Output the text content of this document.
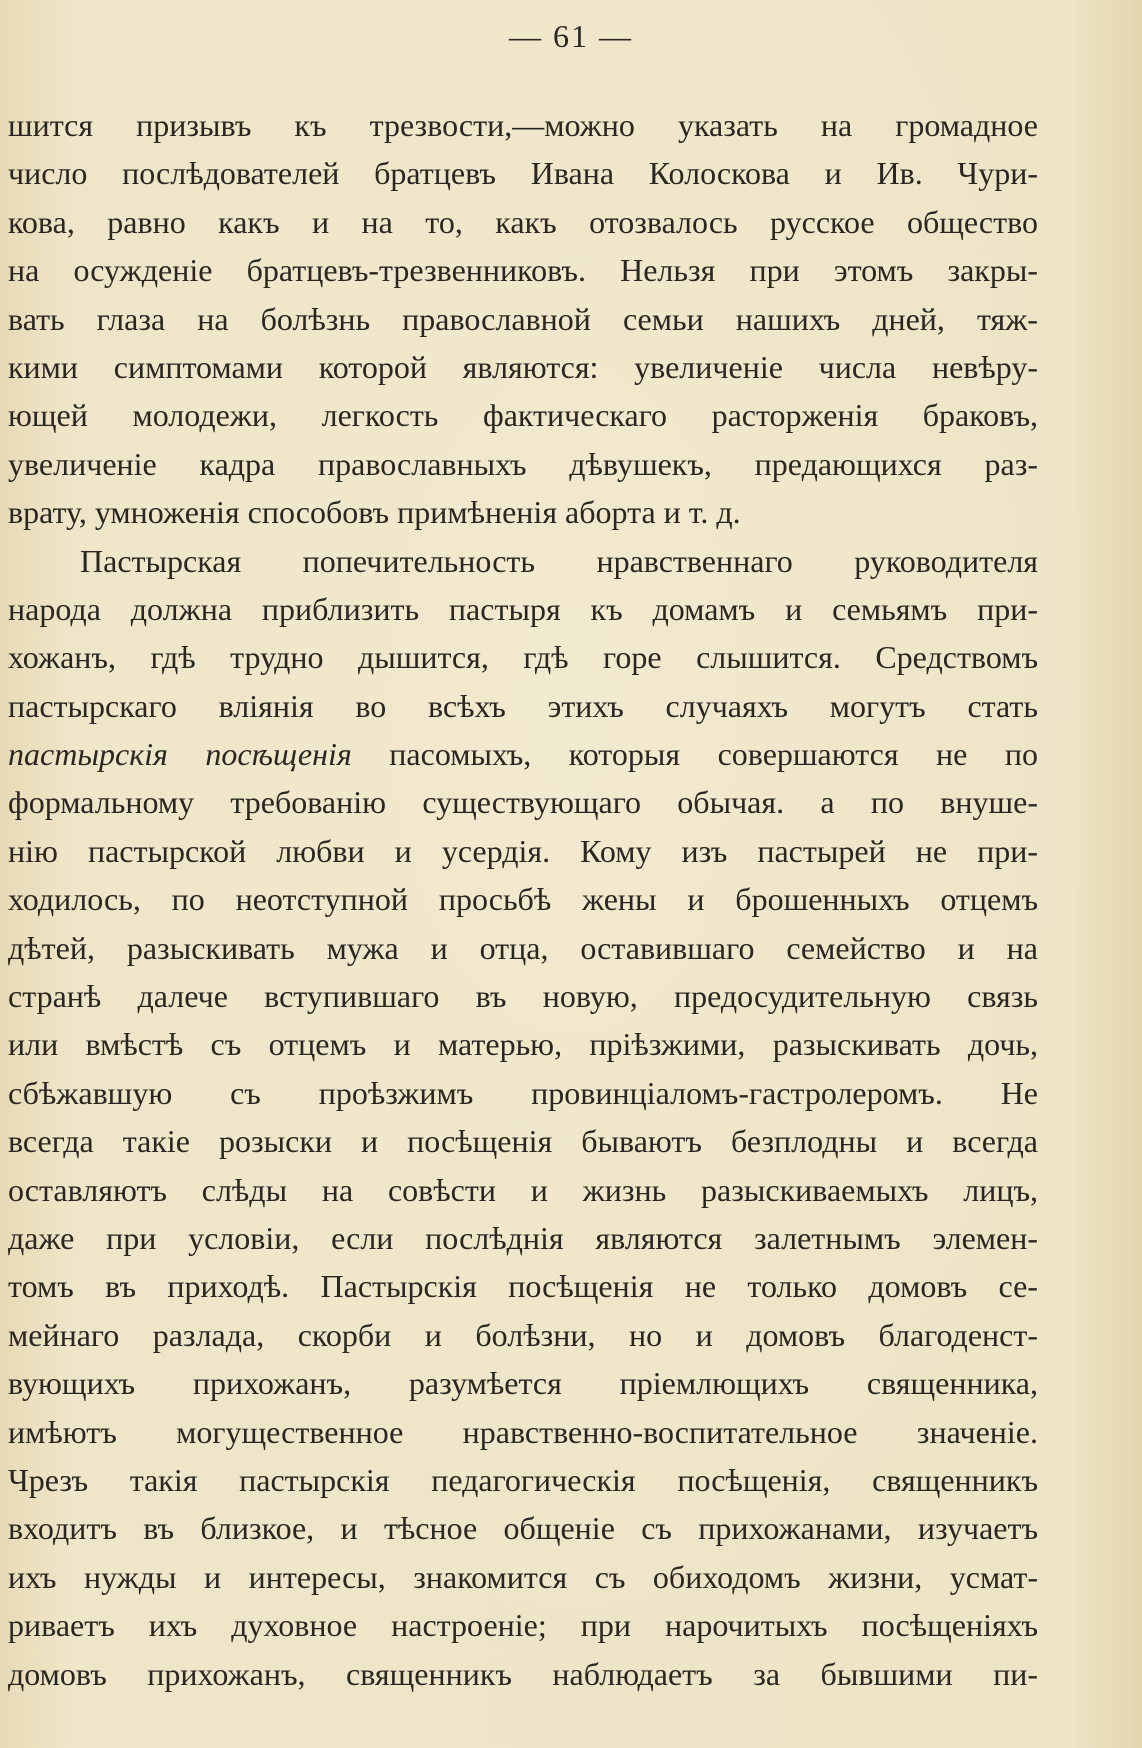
— 61 —
шится призывъ къ трезвости,—можно указать на громадное
число послѣдователей братцевъ Ивана Колоскова и Ив. Чури-
кова, равно какъ и на то, какъ отозвалось русское общество
на осужденіе братцевъ-трезвенниковъ. Нельзя при этомъ закры-
вать глаза на болѣзнь православной семьи нашихъ дней, тяж-
кими симптомами которой являются: увеличеніе числа невѣру-
ющей молодежи, легкость фактическаго расторженія браковъ,
увеличеніе кадра православныхъ дѣвушекъ, предающихся раз-
врату, умноженія способовъ примѣненія аборта и т. д.
Пастырская попечительность нравственнаго руководителя
народа должна приблизить пастыря къ домамъ и семьямъ при-
хожанъ, гдѣ трудно дышится, гдѣ горе слышится. Средствомъ
пастырскаго вліянія во всѣхъ этихъ случаяхъ могутъ стать
пастырскія посѣщенія пасомыхъ, которыя совершаются не по
формальному требованію существующаго обычая. а по внуше-
нію пастырской любви и усердія. Кому изъ пастырей не при-
ходилось, по неотступной просьбѣ жены и брошенныхъ отцемъ
дѣтей, разыскивать мужа и отца, оставившаго семейство и на
странѣ далече вступившаго въ новую, предосудительную связь
или вмѣстѣ съ отцемъ и матерью, пріѣзжими, разыскивать дочь,
сбѣжавшую съ проѣзжимъ провинціаломъ-гастролеромъ. Не
всегда такіе розыски и посѣщенія бываютъ безплодны и всегда
оставляютъ слѣды на совѣсти и жизнь разыскиваемыхъ лицъ,
даже при условіи, если послѣднія являются залетнымъ элемен-
томъ въ приходѣ. Пастырскія посѣщенія не только домовъ се-
мейнаго разлада, скорби и болѣзни, но и домовъ благоденст-
вующихъ прихожанъ, разумѣется пріемлющихъ священника,
имѣютъ могущественное нравственно-воспитательное значеніе.
Чрезъ такія пастырскія педагогическія посѣщенія, священникъ
входитъ въ близкое, и тѣсное общеніе съ прихожанами, изучаетъ
ихъ нужды и интересы, знакомится съ обиходомъ жизни, усмат-
риваетъ ихъ духовное настроеніе; при нарочитыхъ посѣщеніяхъ
домовъ прихожанъ, священникъ наблюдаетъ за бывшими пи-
